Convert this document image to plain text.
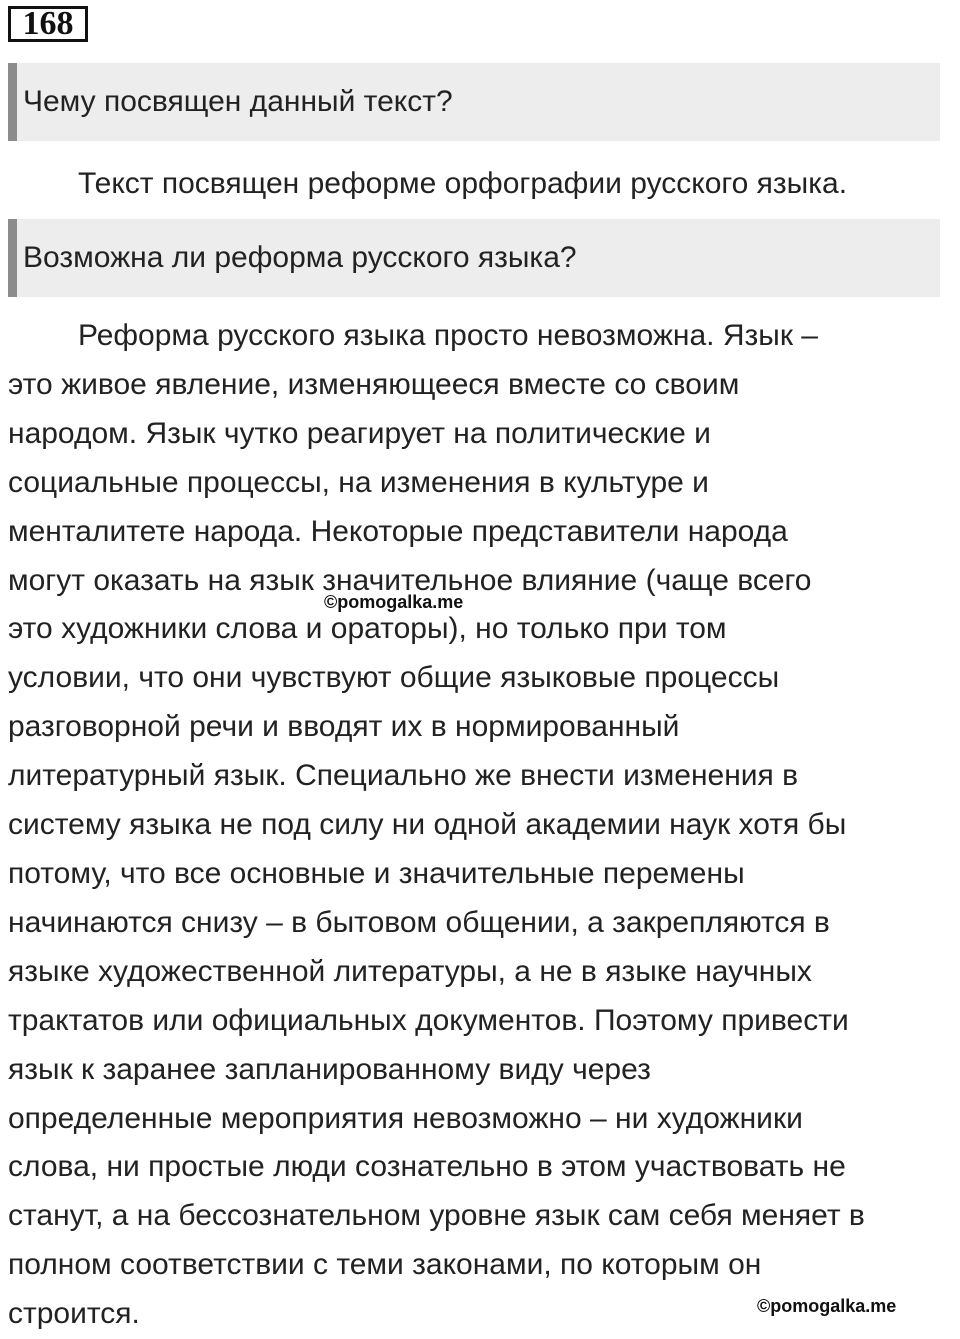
168
Чему посвящен данный текст?
Текст посвящен реформе орфографии русского языка.
Возможна ли реформа русского языка?
Реформа русского языка просто невозможна. Язык –
это живое явление, изменяющееся вместе со своим
народом. Язык чутко реагирует на политические и
социальные процессы, на изменения в культуре и
менталитете народа. Некоторые представители народа
могут оказать на язык значительное влияние (чаще всего
это художники слова и ораторы), но только при том
условии, что они чувствуют общие языковые процессы
разговорной речи и вводят их в нормированный
литературный язык. Специально же внести изменения в
систему языка не под силу ни одной академии наук хотя бы
потому, что все основные и значительные перемены
начинаются снизу – в бытовом общении, а закрепляются в
языке художественной литературы, а не в языке научных
трактатов или официальных документов. Поэтому привести
язык к заранее запланированному виду через
определенные мероприятия невозможно – ни художники
слова, ни простые люди сознательно в этом участвовать не
станут, а на бессознательном уровне язык сам себя меняет в
полном соответствии с теми законами, по которым он
строится.
©pomogalka.me
©pomogalka.me
